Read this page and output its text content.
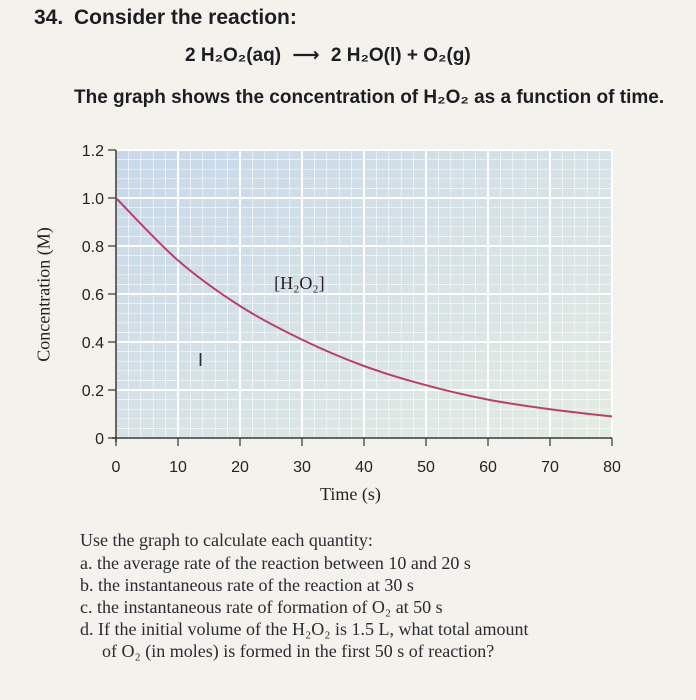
34. Consider the reaction:
2 H₂O₂(aq) ⟶ 2 H₂O(l) + O₂(g)
The graph shows the concentration of H₂O₂ as a function of time.
0
0.2
0.4
0.6
0.8
1.0
1.2
0	10	20	30	40	50	60	70	80
[H₂O₂]
I
Concentration (M)
Time (s)
Use the graph to calculate each quantity:
a. the average rate of the reaction between 10 and 20 s
b. the instantaneous rate of the reaction at 30 s
c. the instantaneous rate of formation of O₂ at 50 s
d. If the initial volume of the H₂O₂ is 1.5 L, what total amount
of O₂ (in moles) is formed in the first 50 s of reaction?
